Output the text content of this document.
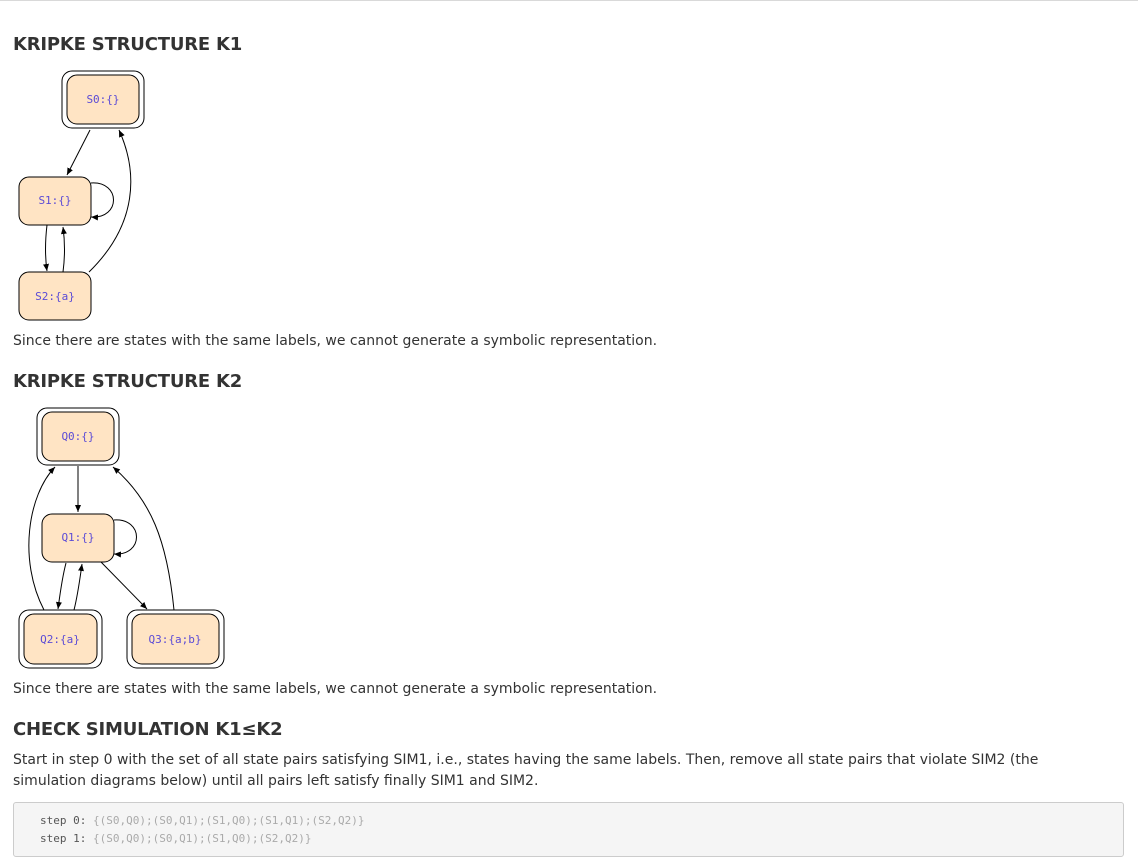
KRIPKE STRUCTURE K1
S0:{}
S1:{}
S2:{a}

Since there are states with the same labels, we cannot generate a symbolic representation.

KRIPKE STRUCTURE K2
Q0:{}
Q1:{}
Q2:{a}	Q3:{a;b}

Since there are states with the same labels, we cannot generate a symbolic representation.

CHECK SIMULATION K1≤K2

Start in step 0 with the set of all state pairs satisfying SIM1, i.e., states having the same labels. Then, remove all state pairs that violate SIM2 (the simulation diagrams below) until all pairs left satisfy finally SIM1 and SIM2.

step 0: {(S0,Q0);(S0,Q1);(S1,Q0);(S1,Q1);(S2,Q2)}
step 1: {(S0,Q0);(S0,Q1);(S1,Q0);(S2,Q2)}
